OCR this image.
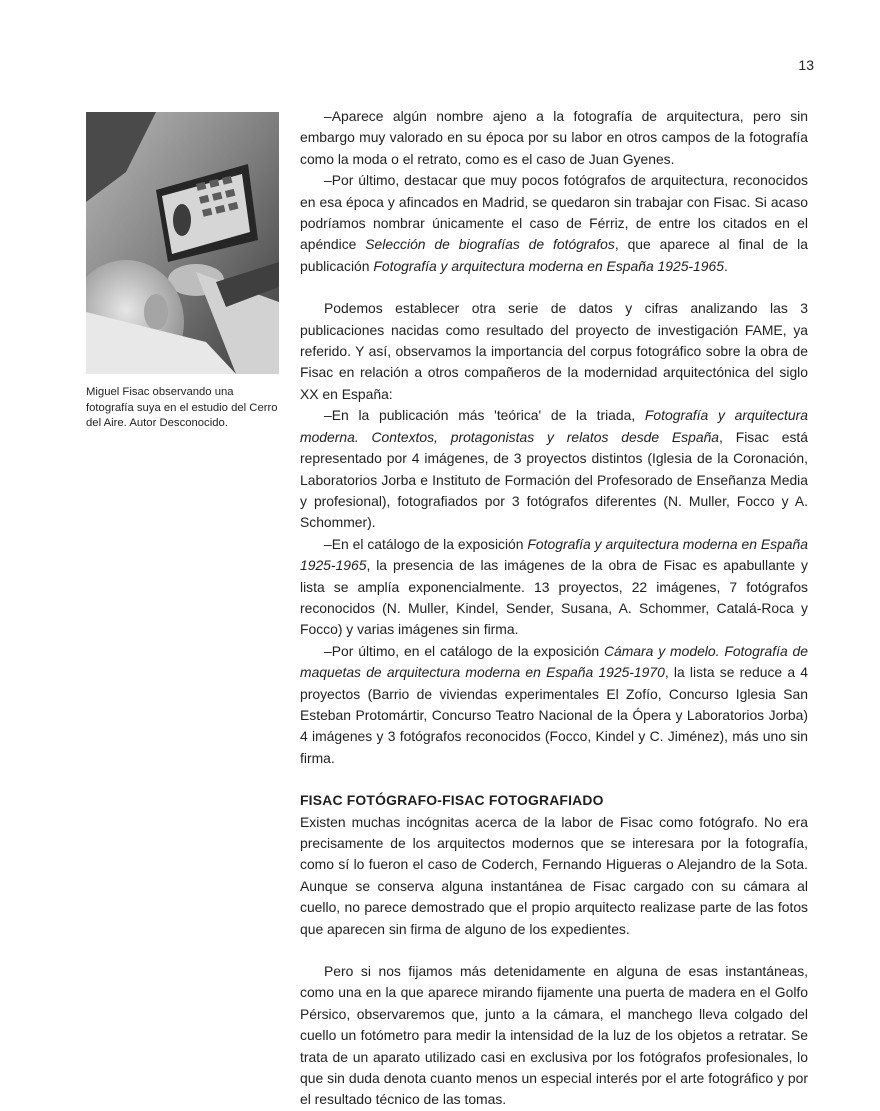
13
Miguel Fisac observando una fotografía suya en el estudio del Cerro del Aire. Autor Desconocido.

–Aparece algún nombre ajeno a la fotografía de arquitectura, pero sin embargo muy valorado en su época por su labor en otros campos de la fotografía como la moda o el retrato, como es el caso de Juan Gyenes.

–Por último, destacar que muy pocos fotógrafos de arquitectura, reconocidos en esa época y afincados en Madrid, se quedaron sin trabajar con Fisac. Si acaso podríamos nombrar únicamente el caso de Férriz, de entre los citados en el apéndice Selección de biografías de fotógrafos, que aparece al final de la publicación Fotografía y arquitectura moderna en España 1925-1965.

Podemos establecer otra serie de datos y cifras analizando las 3 publicaciones nacidas como resultado del proyecto de investigación FAME, ya referido. Y así, observamos la importancia del corpus fotográfico sobre la obra de Fisac en relación a otros compañeros de la modernidad arquitectónica del siglo XX en España:

–En la publicación más 'teórica' de la triada, Fotografía y arquitectura moderna. Contextos, protagonistas y relatos desde España, Fisac está representado por 4 imágenes, de 3 proyectos distintos (Iglesia de la Coronación, Laboratorios Jorba e Instituto de Formación del Profesorado de Enseñanza Media y profesional), fotografiados por 3 fotógrafos diferentes (N. Muller, Focco y A. Schommer).

–En el catálogo de la exposición Fotografía y arquitectura moderna en España 1925-1965, la presencia de las imágenes de la obra de Fisac es apabullante y lista se amplía exponencialmente. 13 proyectos, 22 imágenes, 7 fotógrafos reconocidos (N. Muller, Kindel, Sender, Susana, A. Schommer, Catalá-Roca y Focco) y varias imágenes sin firma.

–Por último, en el catálogo de la exposición Cámara y modelo. Fotografía de maquetas de arquitectura moderna en España 1925-1970, la lista se reduce a 4 proyectos (Barrio de viviendas experimentales El Zofío, Concurso Iglesia San Esteban Protomártir, Concurso Teatro Nacional de la Ópera y Laboratorios Jorba) 4 imágenes y 3 fotógrafos reconocidos (Focco, Kindel y C. Jiménez), más uno sin firma.

FISAC FOTÓGRAFO-FISAC FOTOGRAFIADO

Existen muchas incógnitas acerca de la labor de Fisac como fotógrafo. No era precisamente de los arquitectos modernos que se interesara por la fotografía, como sí lo fueron el caso de Coderch, Fernando Higueras o Alejandro de la Sota. Aunque se conserva alguna instantánea de Fisac cargado con su cámara al cuello, no parece demostrado que el propio arquitecto realizase parte de las fotos que aparecen sin firma de alguno de los expedientes.

Pero si nos fijamos más detenidamente en alguna de esas instantáneas, como una en la que aparece mirando fijamente una puerta de madera en el Golfo Pérsico, observaremos que, junto a la cámara, el manchego lleva colgado del cuello un fotómetro para medir la intensidad de la luz de los objetos a retratar. Se trata de un aparato utilizado casi en exclusiva por los fotógrafos profesionales, lo que sin duda denota cuanto menos un especial interés por el arte fotográfico y por el resultado técnico de las tomas.
